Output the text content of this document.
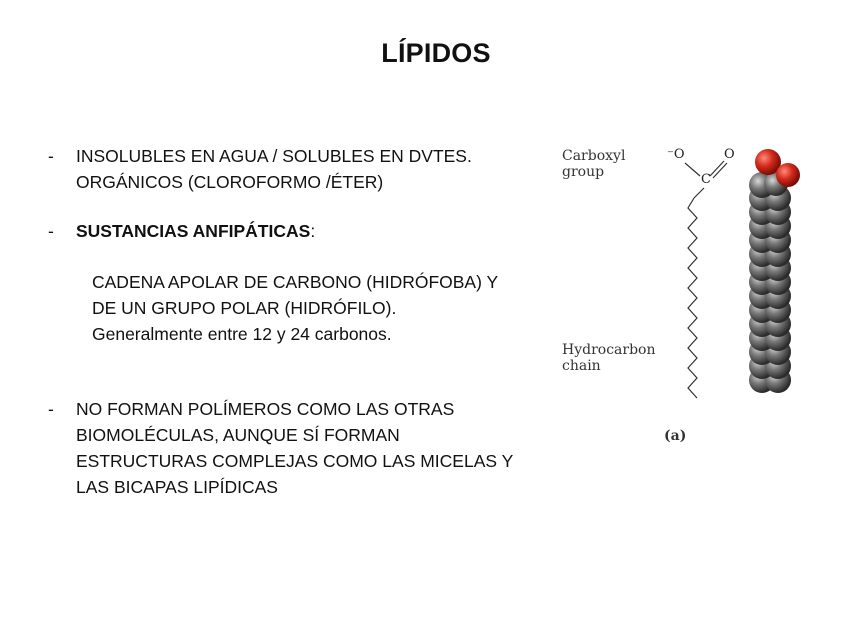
LÍPIDOS
- INSOLUBLES EN AGUA / SOLUBLES EN DVTES.
ORGÁNICOS (CLOROFORMO /ÉTER)
- SUSTANCIAS ANFIPÁTICAS:
CADENA APOLAR DE CARBONO (HIDRÓFOBA) Y
DE UN GRUPO POLAR (HIDRÓFILO).
Generalmente entre 12 y 24 carbonos.
- NO FORMAN POLÍMEROS COMO LAS OTRAS
BIOMOLÉCULAS, AUNQUE SÍ FORMAN
ESTRUCTURAS COMPLEJAS COMO LAS MICELAS Y
LAS BICAPAS LIPÍDICAS
Carboxyl
group
Hydrocarbon
chain
(a)
⁻O	O
C
